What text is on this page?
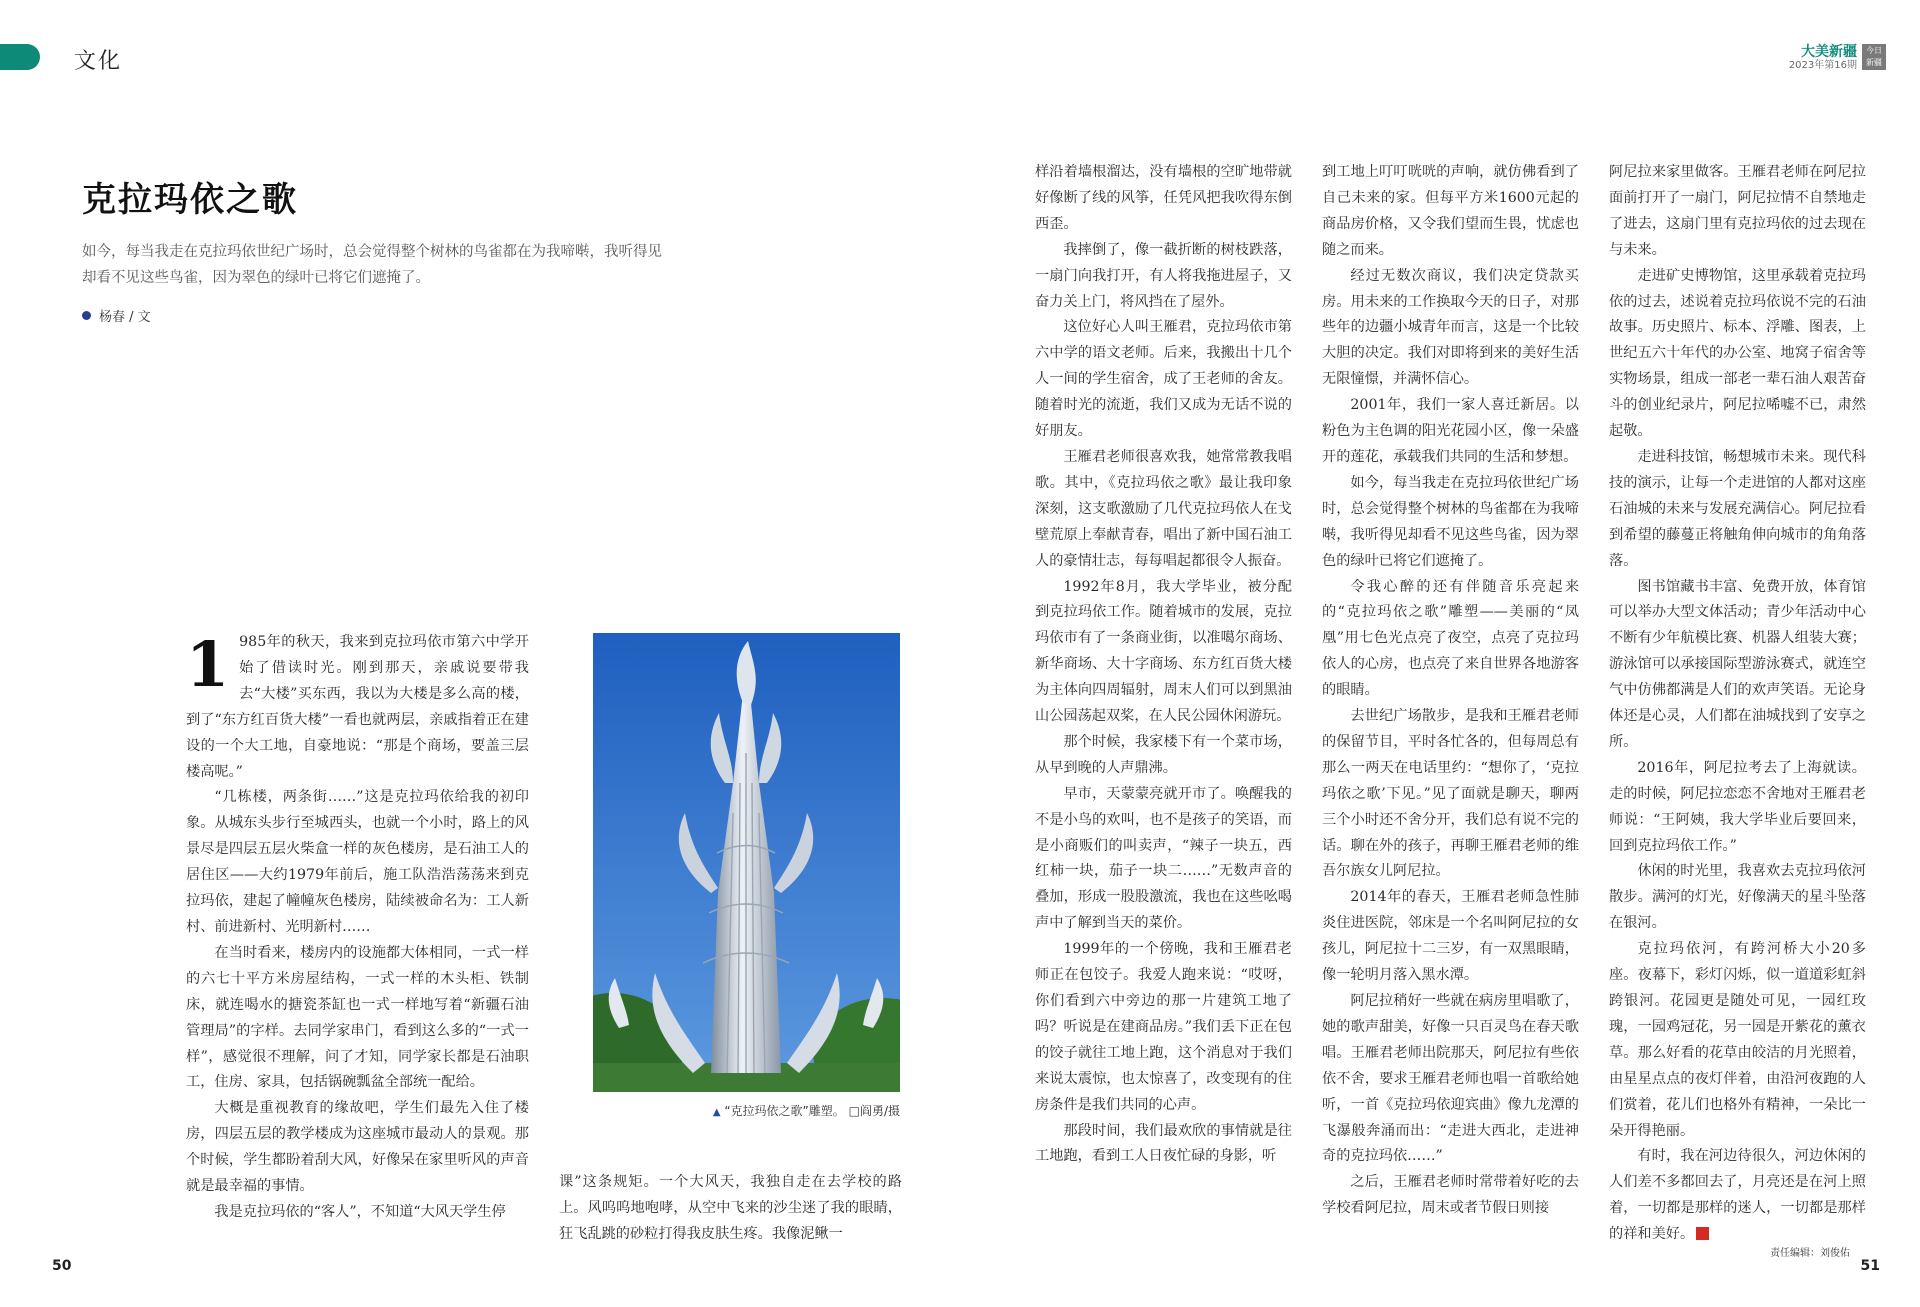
文化	大美新疆
2023年第16期
今日
新疆
克拉玛依之歌
如今，每当我走在克拉玛依世纪广场时，总会觉得整个树林的鸟雀都在为我啼啭，我听得见却看不见这些鸟雀，因为翠色的绿叶已将它们遮掩了。
杨春 / 文

1 985年的秋天，我来到克拉玛依市第六中学开始了借读时光。刚到那天，亲戚说要带我去“大楼”买东西，我以为大楼是多么高的楼，到了“东方红百货大楼”一看也就两层，亲戚指着正在建设的一个大工地，自豪地说：“那是个商场，要盖三层楼高呢。”

“几栋楼，两条街……”这是克拉玛依给我的初印象。从城东头步行至城西头，也就一个小时，路上的风景尽是四层五层火柴盒一样的灰色楼房，是石油工人的居住区——大约1979年前后，施工队浩浩荡荡来到克拉玛依，建起了幢幢灰色楼房，陆续被命名为：工人新村、前进新村、光明新村……

在当时看来，楼房内的设施都大体相同，一式一样的六七十平方米房屋结构，一式一样的木头柜、铁制床，就连喝水的搪瓷茶缸也一式一样地写着“新疆石油管理局”的字样。去同学家串门，看到这么多的“一式一样”，感觉很不理解，问了才知，同学家长都是石油职工，住房、家具，包括锅碗瓢盆全部统一配给。

大概是重视教育的缘故吧，学生们最先入住了楼房，四层五层的教学楼成为这座城市最动人的景观。那个时候，学生都盼着刮大风，好像呆在家里听风的声音就是最幸福的事情。

我是克拉玛依的“客人”，不知道“大风天学生停

▲ “克拉玛依之歌”雕塑。 □阎勇/摄

课”这条规矩。一个大风天，我独自走在去学校的路上。风呜呜地咆哮，从空中飞来的沙尘迷了我的眼睛，狂飞乱跳的砂粒打得我皮肤生疼。我像泥鳅一

样沿着墙根溜达，没有墙根的空旷地带就好像断了线的风筝，任凭风把我吹得东倒西歪。

我摔倒了，像一截折断的树枝跌落，一扇门向我打开，有人将我拖进屋子，又奋力关上门，将风挡在了屋外。

这位好心人叫王雁君，克拉玛依市第六中学的语文老师。后来，我搬出十几个人一间的学生宿舍，成了王老师的舍友。随着时光的流逝，我们又成为无话不说的好朋友。

王雁君老师很喜欢我，她常常教我唱歌。其中，《克拉玛依之歌》最让我印象深刻，这支歌激励了几代克拉玛依人在戈壁荒原上奉献青春，唱出了新中国石油工人的豪情壮志，每每唱起都很令人振奋。

1992年8月，我大学毕业，被分配到克拉玛依工作。随着城市的发展，克拉玛依市有了一条商业街，以准噶尔商场、新华商场、大十字商场、东方红百货大楼为主体向四周辐射，周末人们可以到黑油山公园荡起双桨，在人民公园休闲游玩。

那个时候，我家楼下有一个菜市场，从早到晚的人声鼎沸。

早市，天蒙蒙亮就开市了。唤醒我的不是小鸟的欢叫，也不是孩子的笑语，而是小商贩们的叫卖声，“辣子一块五，西红柿一块，茄子一块二……”无数声音的叠加，形成一股股激流，我也在这些吆喝声中了解到当天的菜价。

1999年的一个傍晚，我和王雁君老师正在包饺子。我爱人跑来说：“哎呀，你们看到六中旁边的那一片建筑工地了吗？听说是在建商品房。”我们丢下正在包的饺子就往工地上跑，这个消息对于我们来说太震惊，也太惊喜了，改变现有的住房条件是我们共同的心声。

那段时间，我们最欢欣的事情就是往工地跑，看到工人日夜忙碌的身影，听

到工地上叮叮咣咣的声响，就仿佛看到了自己未来的家。但每平方米1600元起的商品房价格，又令我们望而生畏，忧虑也随之而来。

经过无数次商议，我们决定贷款买房。用未来的工作换取今天的日子，对那些年的边疆小城青年而言，这是一个比较大胆的决定。我们对即将到来的美好生活无限憧憬，并满怀信心。

2001年，我们一家人喜迁新居。以粉色为主色调的阳光花园小区，像一朵盛开的莲花，承载我们共同的生活和梦想。

如今，每当我走在克拉玛依世纪广场时，总会觉得整个树林的鸟雀都在为我啼啭，我听得见却看不见这些鸟雀，因为翠色的绿叶已将它们遮掩了。

令我心醉的还有伴随音乐亮起来的“克拉玛依之歌”雕塑——美丽的“凤凰”用七色光点亮了夜空，点亮了克拉玛依人的心房，也点亮了来自世界各地游客的眼睛。

去世纪广场散步，是我和王雁君老师的保留节目，平时各忙各的，但每周总有那么一两天在电话里约：“想你了，‘克拉玛依之歌’下见。”见了面就是聊天，聊两三个小时还不舍分开，我们总有说不完的话。聊在外的孩子，再聊王雁君老师的维吾尔族女儿阿尼拉。

2014年的春天，王雁君老师急性肺炎住进医院，邻床是一个名叫阿尼拉的女孩儿，阿尼拉十二三岁，有一双黑眼睛，像一轮明月落入黑水潭。

阿尼拉稍好一些就在病房里唱歌了，她的歌声甜美，好像一只百灵鸟在春天歌唱。王雁君老师出院那天，阿尼拉有些依依不舍，要求王雁君老师也唱一首歌给她听，一首《克拉玛依迎宾曲》像九龙潭的飞瀑般奔涌而出：“走进大西北，走进神奇的克拉玛依……”

之后，王雁君老师时常带着好吃的去学校看阿尼拉，周末或者节假日则接

阿尼拉来家里做客。王雁君老师在阿尼拉面前打开了一扇门，阿尼拉情不自禁地走了进去，这扇门里有克拉玛依的过去现在与未来。

走进矿史博物馆，这里承载着克拉玛依的过去，述说着克拉玛依说不完的石油故事。历史照片、标本、浮雕、图表，上世纪五六十年代的办公室、地窝子宿舍等实物场景，组成一部老一辈石油人艰苦奋斗的创业纪录片，阿尼拉唏嘘不已，肃然起敬。

走进科技馆，畅想城市未来。现代科技的演示，让每一个走进馆的人都对这座石油城的未来与发展充满信心。阿尼拉看到希望的藤蔓正将触角伸向城市的角角落落。

图书馆藏书丰富、免费开放，体育馆可以举办大型文体活动；青少年活动中心不断有少年航模比赛、机器人组装大赛；游泳馆可以承接国际型游泳赛式，就连空气中仿佛都满是人们的欢声笑语。无论身体还是心灵，人们都在油城找到了安享之所。

2016年，阿尼拉考去了上海就读。走的时候，阿尼拉恋恋不舍地对王雁君老师说：“王阿姨，我大学毕业后要回来，回到克拉玛依工作。”

休闲的时光里，我喜欢去克拉玛依河散步。满河的灯光，好像满天的星斗坠落在银河。

克拉玛依河，有跨河桥大小20多座。夜幕下，彩灯闪烁，似一道道彩虹斜跨银河。花园更是随处可见，一园红玫瑰，一园鸡冠花，另一园是开紫花的薰衣草。那么好看的花草由皎洁的月光照着，由星星点点的夜灯伴着，由沿河夜跑的人们赏着，花儿们也格外有精神，一朵比一朵开得艳丽。

有时，我在河边待很久，河边休闲的人们差不多都回去了，月亮还是在河上照着，一切都是那样的迷人，一切都是那样的祥和美好。

50
责任编辑：刘俊佑
51
